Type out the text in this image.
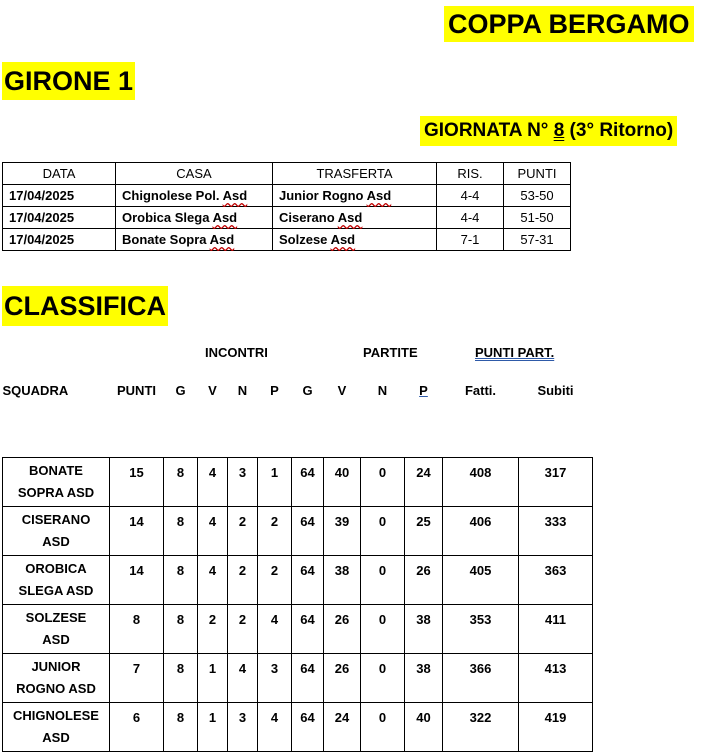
COPPA BERGAMO
GIRONE 1
GIORNATA N° 8 (3° Ritorno)
DATA	CASA	TRASFERTA	RIS.	PUNTI
17/04/2025	Chignolese Pol. Asd	Junior Rogno Asd	4-4	53-50
17/04/2025	Orobica Slega Asd	Ciserano Asd	4-4	51-50
17/04/2025	Bonate Sopra Asd	Solzese Asd	7-1	57-31
CLASSIFICA
INCONTRI	PARTITE	PUNTI PART.
SQUADRA	PUNTI	G	V	N	P	G	V	N	P	Fatti.	Subiti

BONATE
SOPRA ASD	15	8	4	3	1	64	40	0	24	408	317

CISERANO
ASD	14	8	4	2	2	64	39	0	25	406	333

OROBICA
SLEGA ASD	14	8	4	2	2	64	38	0	26	405	363

SOLZESE
ASD	8	8	2	2	4	64	26	0	38	353	411

JUNIOR
ROGNO ASD	7	8	1	4	3	64	26	0	38	366	413

CHIGNOLESE
ASD	6	8	1	3	4	64	24	0	40	322	419
